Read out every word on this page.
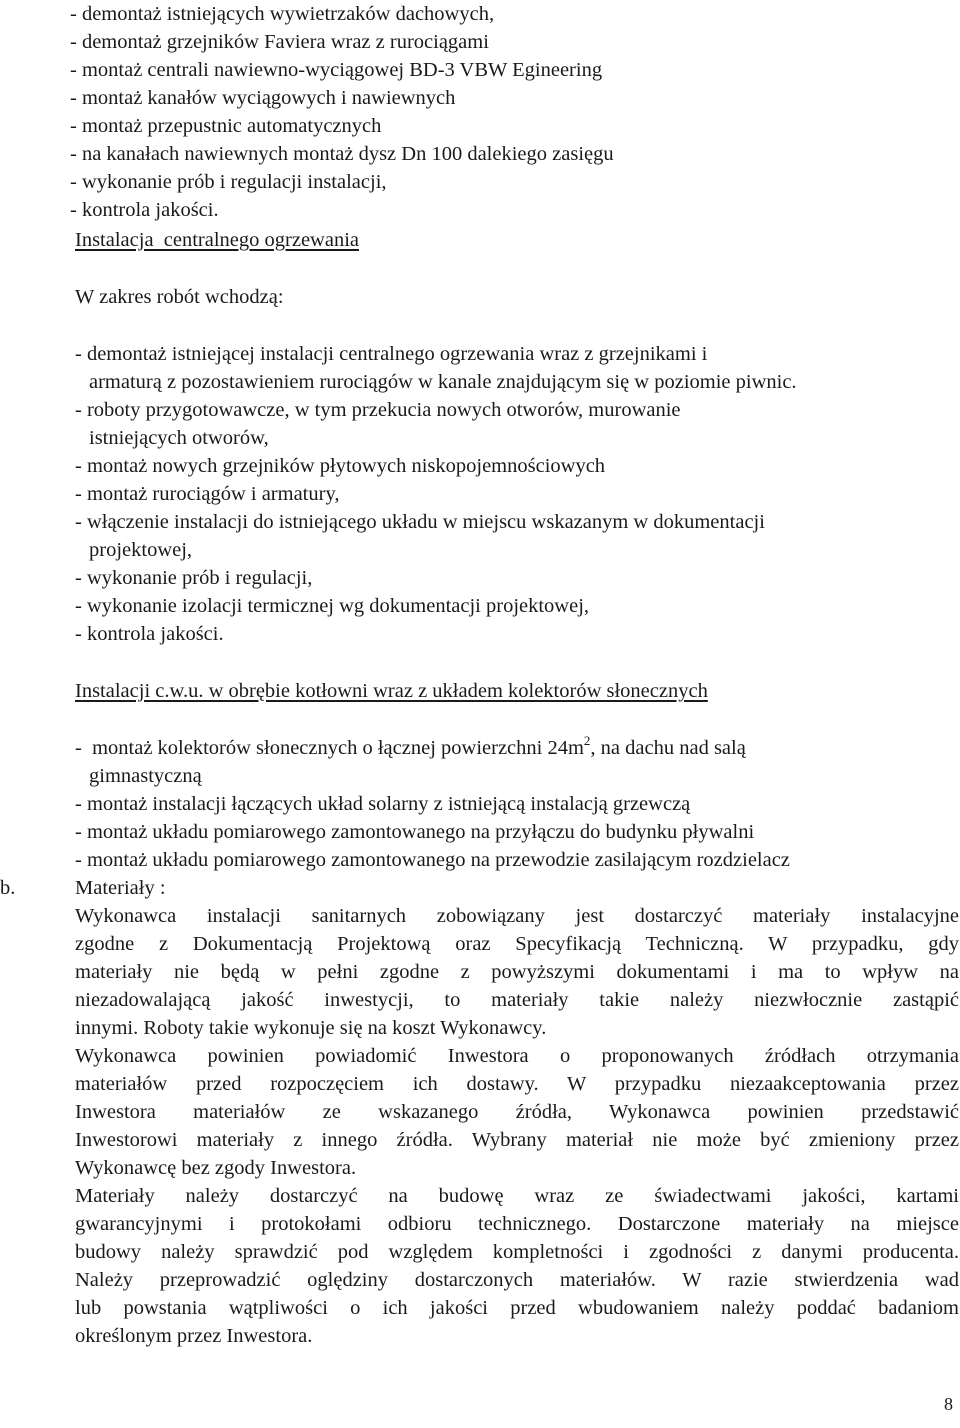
- demontaż istniejących wywietrzaków dachowych,
- demontaż grzejników Faviera wraz z rurociągami
- montaż centrali nawiewno-wyciągowej BD-3 VBW Egineering
- montaż kanałów wyciągowych i nawiewnych
- montaż przepustnic automatycznych
- na kanałach nawiewnych montaż dysz Dn 100 dalekiego zasięgu
- wykonanie prób i regulacji instalacji,
- kontrola jakości.
Instalacja  centralnego ogrzewania
W zakres robót wchodzą:
- demontaż istniejącej instalacji centralnego ogrzewania wraz z grzejnikami i
armaturą z pozostawieniem rurociągów w kanale znajdującym się w poziomie piwnic.
- roboty przygotowawcze, w tym przekucia nowych otworów, murowanie
istniejących otworów,
- montaż nowych grzejników płytowych niskopojemnościowych
- montaż rurociągów i armatury,
- włączenie instalacji do istniejącego układu w miejscu wskazanym w dokumentacji
projektowej,
- wykonanie prób i regulacji,
- wykonanie izolacji termicznej wg dokumentacji projektowej,
- kontrola jakości.
Instalacji c.w.u. w obrębie kotłowni wraz z układem kolektorów słonecznych
-  montaż kolektorów słonecznych o łącznej powierzchni $24m^2$, na dachu nad salą
gimnastyczną
- montaż instalacji łączących układ solarny z istniejącą instalacją grzewczą
- montaż układu pomiarowego zamontowanego na przyłączu do budynku pływalni
- montaż układu pomiarowego zamontowanego na przewodzie zasilającym rozdzielacz
b.	Materiały :
Wykonawca instalacji sanitarnych zobowiązany jest dostarczyć materiały instalacyjne
zgodne z Dokumentacją Projektową oraz Specyfikacją Techniczną. W przypadku, gdy
materiały nie będą w pełni zgodne z powyższymi dokumentami i ma to wpływ na
niezadowalającą jakość inwestycji, to materiały takie należy niezwłocznie zastąpić
innymi. Roboty takie wykonuje się na koszt Wykonawcy.
Wykonawca powinien powiadomić Inwestora o proponowanych źródłach otrzymania
materiałów przed rozpoczęciem ich dostawy. W przypadku niezaakceptowania przez
Inwestora materiałów ze wskazanego źródła, Wykonawca powinien przedstawić
Inwestorowi materiały z innego źródła. Wybrany materiał nie może być zmieniony przez
Wykonawcę bez zgody Inwestora.
Materiały należy dostarczyć na budowę wraz ze świadectwami jakości, kartami
gwarancyjnymi i protokołami odbioru technicznego. Dostarczone materiały na miejsce
budowy należy sprawdzić pod względem kompletności i zgodności z danymi producenta.
Należy przeprowadzić oględziny dostarczonych materiałów. W razie stwierdzenia wad
lub powstania wątpliwości o ich jakości przed wbudowaniem należy poddać badaniom
określonym przez Inwestora.
8
